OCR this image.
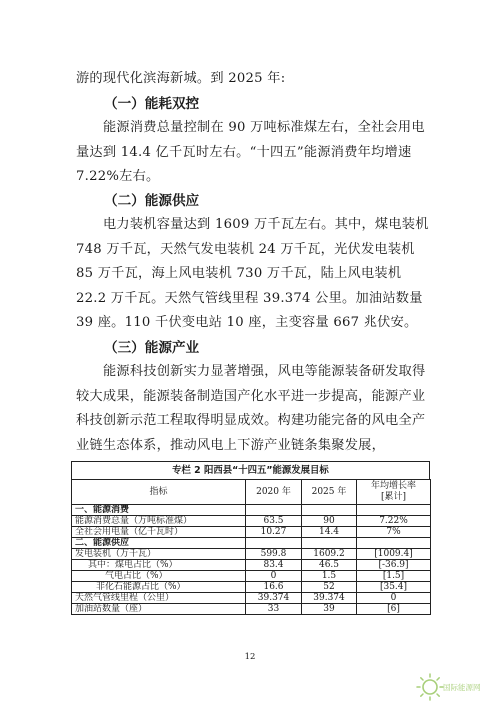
游的现代化滨海新城。到 2025 年:

（一）能耗双控

能源消费总量控制在 90 万吨标准煤左右，全社会用电量达到 14.4 亿千瓦时左右。“十四五”能源消费年均增速 7.22%左右。

（二）能源供应

电力装机容量达到 1609 万千瓦左右。其中，煤电装机 748 万千瓦，天然气发电装机 24 万千瓦，光伏发电装机 85 万千瓦，海上风电装机 730 万千瓦，陆上风电装机 22.2 万千瓦。天然气管线里程 39.374 公里。加油站数量 39 座。110 千伏变电站 10 座，主变容量 667 兆伏安。

（三）能源产业

能源科技创新实力显著增强，风电等能源装备研发取得较大成果，能源装备制造国产化水平进一步提高，能源产业科技创新示范工程取得明显成效。构建功能完备的风电全产业链生态体系，推动风电上下游产业链条集聚发展，

专栏 2 阳西县“十四五”能源发展目标
指标	2020 年	2025 年	年均增长率
[累计]
一、能源消费			
能源消费总量（万吨标准煤）	63.5	90	7.22%
全社会用电量（亿千瓦时）	10.27	14.4	7%
二、能源供应			
发电装机（万千瓦）	599.8	1609.2	[1009.4]
其中：煤电占比（%）	83.4	46.5	[-36.9]
气电占比（%）	0	1.5	[1.5]
非化石能源占比（%）	16.6	52	[35.4]
天然气管线里程（公里）	39.374	39.374	0
加油站数量（座）	33	39	[6]
12
国际能源网
